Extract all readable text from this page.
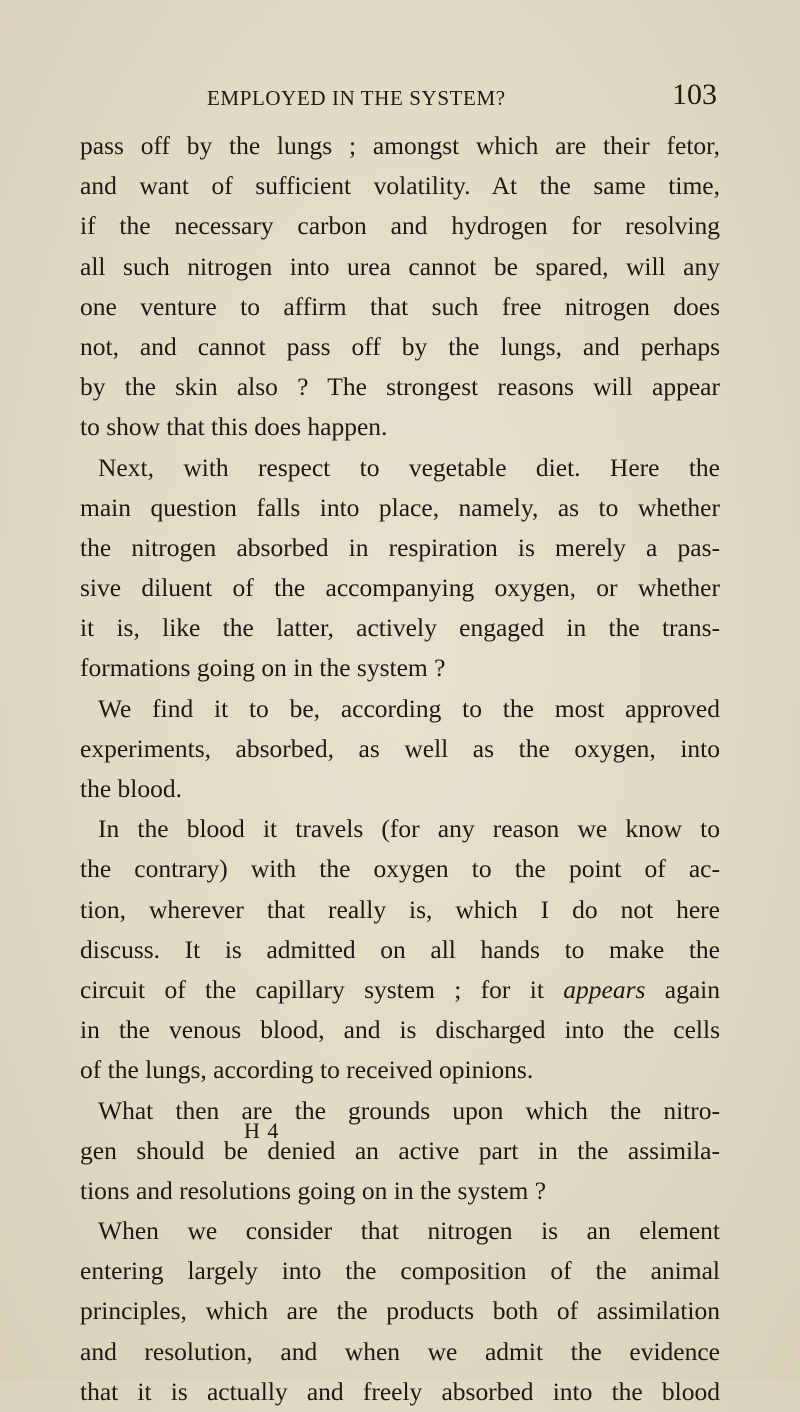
EMPLOYED IN THE SYSTEM?	103
pass off by the lungs ; amongst which are their fetor,
and want of sufficient volatility. At the same time,
if the necessary carbon and hydrogen for resolving
all such nitrogen into urea cannot be spared, will any
one venture to affirm that such free nitrogen does
not, and cannot pass off by the lungs, and perhaps
by the skin also ? The strongest reasons will appear
to show that this does happen.
Next, with respect to vegetable diet. Here the
main question falls into place, namely, as to whether
the nitrogen absorbed in respiration is merely a pas-
sive diluent of the accompanying oxygen, or whether
it is, like the latter, actively engaged in the trans-
formations going on in the system ?
We find it to be, according to the most approved
experiments, absorbed, as well as the oxygen, into
the blood.
In the blood it travels (for any reason we know to
the contrary) with the oxygen to the point of ac-
tion, wherever that really is, which I do not here
discuss. It is admitted on all hands to make the
circuit of the capillary system ; for it appears again
in the venous blood, and is discharged into the cells
of the lungs, according to received opinions.
What then are the grounds upon which the nitro-
gen should be denied an active part in the assimila-
tions and resolutions going on in the system ?
When we consider that nitrogen is an element
entering largely into the composition of the animal
principles, which are the products both of assimilation
and resolution, and when we admit the evidence
that it is actually and freely absorbed into the blood
H 4
